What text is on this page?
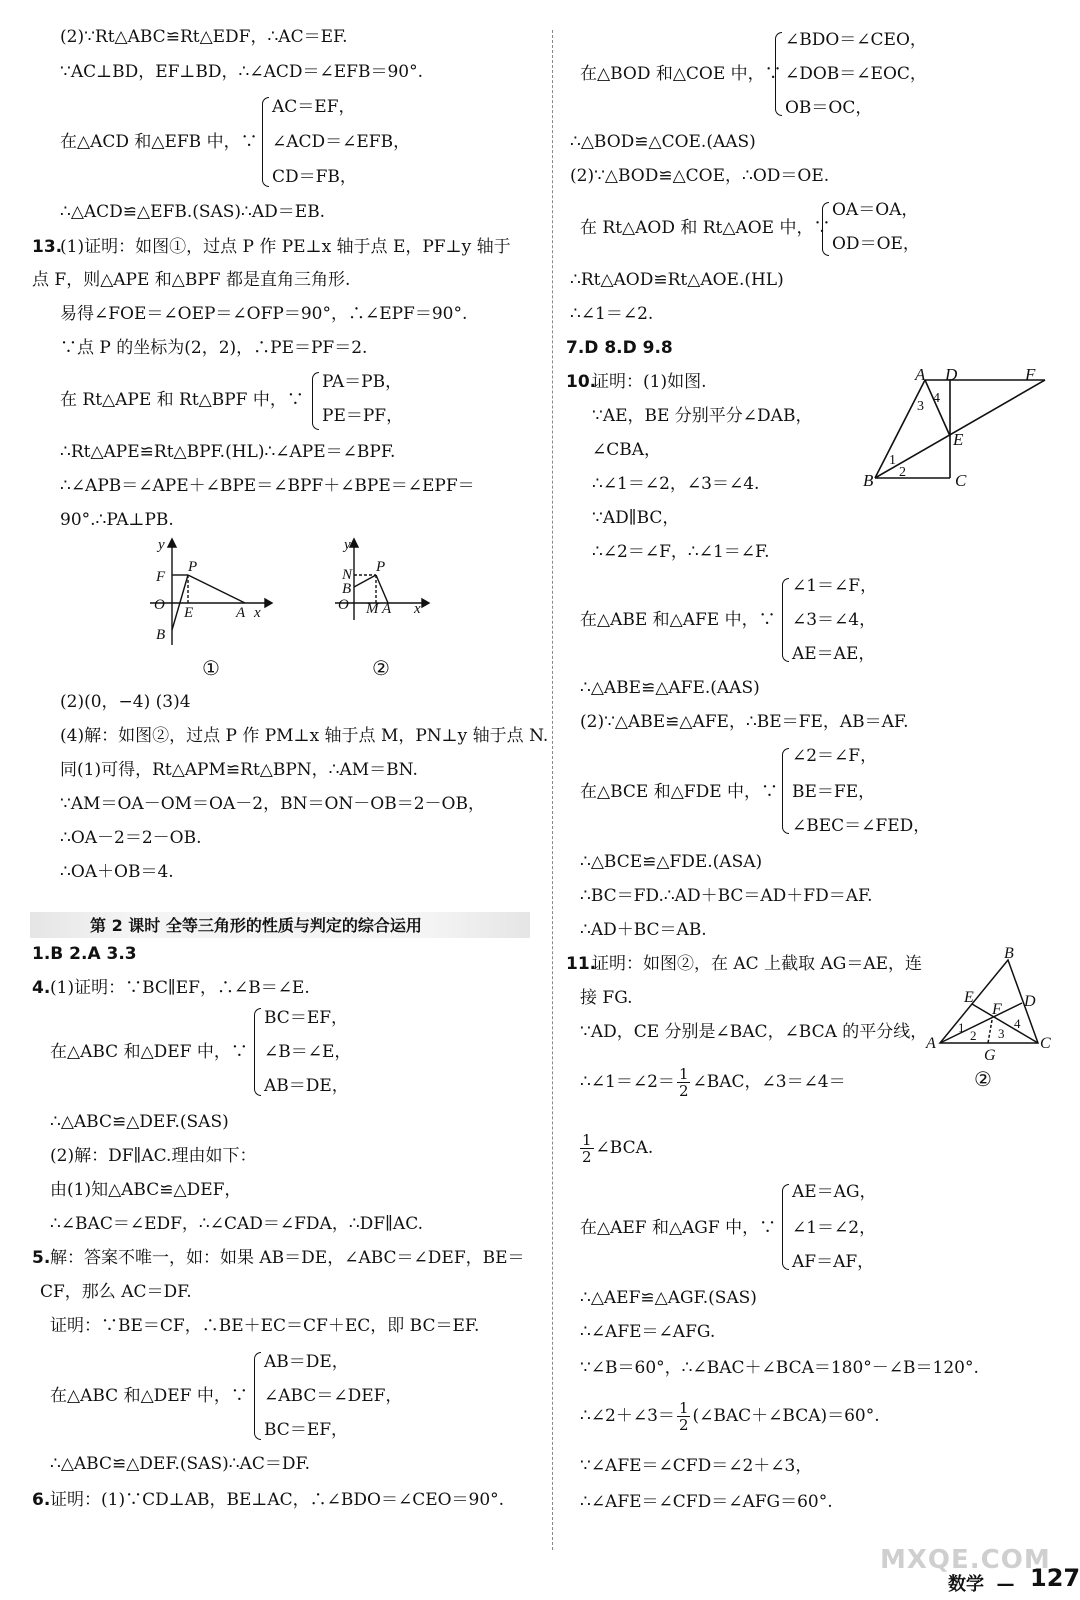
(2)∵Rt△ABC≌Rt△EDF，∴AC＝EF.
∵AC⊥BD，EF⊥BD，∴∠ACD＝∠EFB＝90°.
在△ACD 和△EFB 中，∵
AC＝EF，
∠ACD＝∠EFB，
CD＝FB，
∴△ACD≌△EFB.(SAS)∴AD＝EB.
13.
(1)证明：如图①，过点 P 作 PE⊥x 轴于点 E，PF⊥y 轴于
点 F，则△APE 和△BPF 都是直角三角形.
易得∠FOE＝∠OEP＝∠OFP＝90°，∴∠EPF＝90°.
∵点 P 的坐标为(2，2)，∴PE＝PF＝2.
在 Rt△APE 和 Rt△BPF 中，∵
PA＝PB，
PE＝PF，
∴Rt△APE≌Rt△BPF.(HL)∴∠APE＝∠BPF.
∴∠APB＝∠APE＋∠BPE＝∠BPF＋∠BPE＝∠EPF＝
90°.∴PA⊥PB.
y
P
F
O E	A x
B
①
y
P
N
B
O M A x
②
(2)(0，−4) (3)4
(4)解：如图②，过点 P 作 PM⊥x 轴于点 M，PN⊥y 轴于点 N.
同(1)可得，Rt△APM≌Rt△BPN，∴AM＝BN.
∵AM＝OA－OM＝OA－2，BN＝ON－OB＝2－OB，
∴OA－2＝2－OB.
∴OA＋OB＝4.
第 2 课时 全等三角形的性质与判定的综合运用
1.B 2.A 3.3
4. (1)证明：∵BC∥EF，∴∠B＝∠E.
在△ABC 和△DEF 中，∵
BC＝EF，
∠B＝∠E，
AB＝DE，
∴△ABC≌△DEF.(SAS)
(2)解：DF∥AC.理由如下：
由(1)知△ABC≌△DEF，
∴∠BAC＝∠EDF，∴∠CAD＝∠FDA，∴DF∥AC.
5. 解：答案不唯一，如：如果 AB＝DE，∠ABC＝∠DEF，BE＝
CF，那么 AC＝DF.
证明：∵BE＝CF，∴BE＋EC＝CF＋EC，即 BC＝EF.
在△ABC 和△DEF 中，∵
AB＝DE，
∠ABC＝∠DEF，
BC＝EF，
∴△ABC≌△DEF.(SAS)∴AC＝DF.
6. 证明：(1)∵CD⊥AB，BE⊥AC，∴∠BDO＝∠CEO＝90°.
在△BOD 和△COE 中，∵
∠BDO＝∠CEO，
∠DOB＝∠EOC，
OB＝OC，
∴△BOD≌△COE.(AAS)
(2)∵△BOD≌△COE，∴OD＝OE.
在 Rt△AOD 和 Rt△AOE 中，∵
OA＝OA，
OD＝OE，
∴Rt△AOD≌Rt△AOE.(HL)
∴∠1＝∠2.
7.D 8.D 9.8
10.
证明：(1)如图.
∵AE，BE 分别平分∠DAB，
∠CBA，
∴∠1＝∠2，∠3＝∠4.
∵AD∥BC，
∴∠2＝∠F，∴∠1＝∠F.
A D	F
3
4
E
1
2
B	C
在△ABE 和△AFE 中，∵
∠1＝∠F，
∠3＝∠4，
AE＝AE，
∴△ABE≌△AFE.(AAS)
(2)∵△ABE≌△AFE，∴BE＝FE，AB＝AF.
在△BCE 和△FDE 中，∵
∠2＝∠F，
BE＝FE，
∠BEC＝∠FED，
∴△BCE≌△FDE.(ASA)
∴BC＝FD.∴AD＋BC＝AD＋FD＝AF.
∴AD＋BC＝AB.
11.
证明：如图②，在 AC 上截取 AG＝AE，连
接 FG.
∵AD，CE 分别是∠BAC，∠BCA 的平分线，
B
E
F D
1
2 3
4
A
G
C
②
∴∠1＝∠2＝ $\frac{1}{2}$ ∠BAC，∠3＝∠4＝
$\frac{1}{2}$ ∠BCA.
在△AEF 和△AGF 中，∵
AE＝AG，
∠1＝∠2，
AF＝AF，
∴△AEF≌△AGF.(SAS)
∴∠AFE＝∠AFG.
∵∠B＝60°，∴∠BAC＋∠BCA＝180°－∠B＝120°.
∴∠2＋∠3＝ $\frac{1}{2}$ (∠BAC＋∠BCA)＝60°.
∵∠AFE＝∠CFD＝∠2＋∠3，
∴∠AFE＝∠CFD＝∠AFG＝60°.
MXQE.COM
数学 — 127
